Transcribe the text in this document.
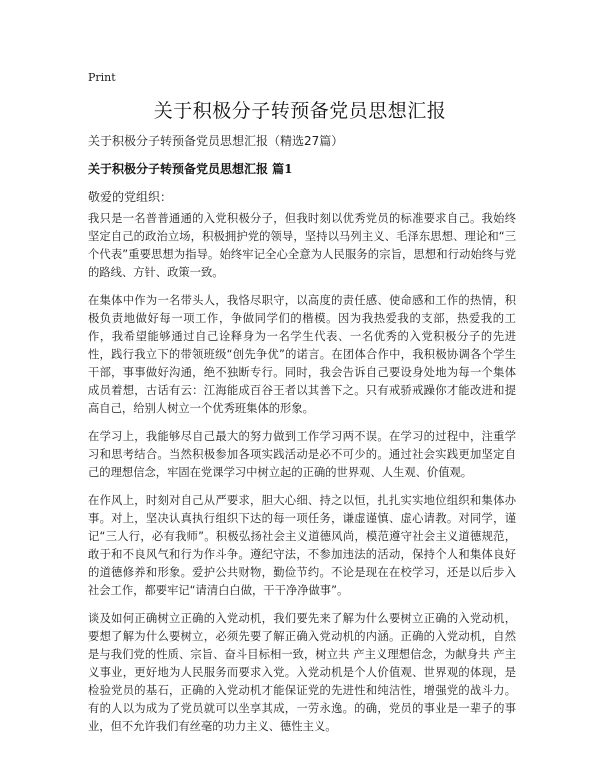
Print
关于积极分子转预备党员思想汇报
关于积极分子转预备党员思想汇报（精选27篇）
关于积极分子转预备党员思想汇报 篇1
敬爱的党组织：

我只是一名普普通通的入党积极分子，但我时刻以优秀党员的标准要求自己。我始终坚定自己的政治立场，积极拥护党的领导，坚持以马列主义、毛泽东思想、理论和“三个代表”重要思想为指导。始终牢记全心全意为人民服务的宗旨，思想和行动始终与党的路线、方针、政策一致。

在集体中作为一名带头人，我恪尽职守，以高度的责任感、使命感和工作的热情，积极负责地做好每一项工作，争做同学们的楷模。因为我热爱我的支部，热爱我的工作，我希望能够通过自己诠释身为一名学生代表、一名优秀的入党积极分子的先进性，践行我立下的带领班级“创先争优”的诺言。在团体合作中，我积极协调各个学生干部，事事做好沟通，绝不独断专行。同时，我会告诉自己要设身处地为每一个集体成员着想，古话有云：江海能成百谷王者以其善下之。只有戒骄戒躁你才能改进和提高自己，给别人树立一个优秀班集体的形象。

在学习上，我能够尽自己最大的努力做到工作学习两不误。在学习的过程中，注重学习和思考结合。当然积极参加各项实践活动是必不可少的。通过社会实践更加坚定自己的理想信念，牢固在党课学习中树立起的正确的世界观、人生观、价值观。

在作风上，时刻对自己从严要求，胆大心细、持之以恒，扎扎实实地位组织和集体办事。对上，坚决认真执行组织下达的每一项任务，谦虚谨慎、虚心请教。对同学，谨记“三人行，必有我师”。积极弘扬社会主义道德风尚，模范遵守社会主义道德规范，敢于和不良风气和行为作斗争。遵纪守法，不参加违法的活动，保持个人和集体良好的道德修养和形象。爱护公共财物，勤俭节约。不论是现在在校学习，还是以后步入社会工作，都要牢记“请清白白做，干干净净做事”。

谈及如何正确树立正确的入党动机，我们要先来了解为什么要树立正确的入党动机，要想了解为什么要树立，必须先要了解正确入党动机的内涵。正确的入党动机，自然是与我们党的性质、宗旨、奋斗目标相一致，树立共 产主义理想信念，为献身共 产主义事业，更好地为人民服务而要求入党。入党动机是个人价值观、世界观的体现，是检验党员的基石，正确的入党动机才能保证党的先进性和纯洁性，增强党的战斗力。有的人以为成为了党员就可以坐享其成，一劳永逸。的确，党员的事业是一辈子的事业，但不允许我们有丝毫的功力主义、德性主义。
